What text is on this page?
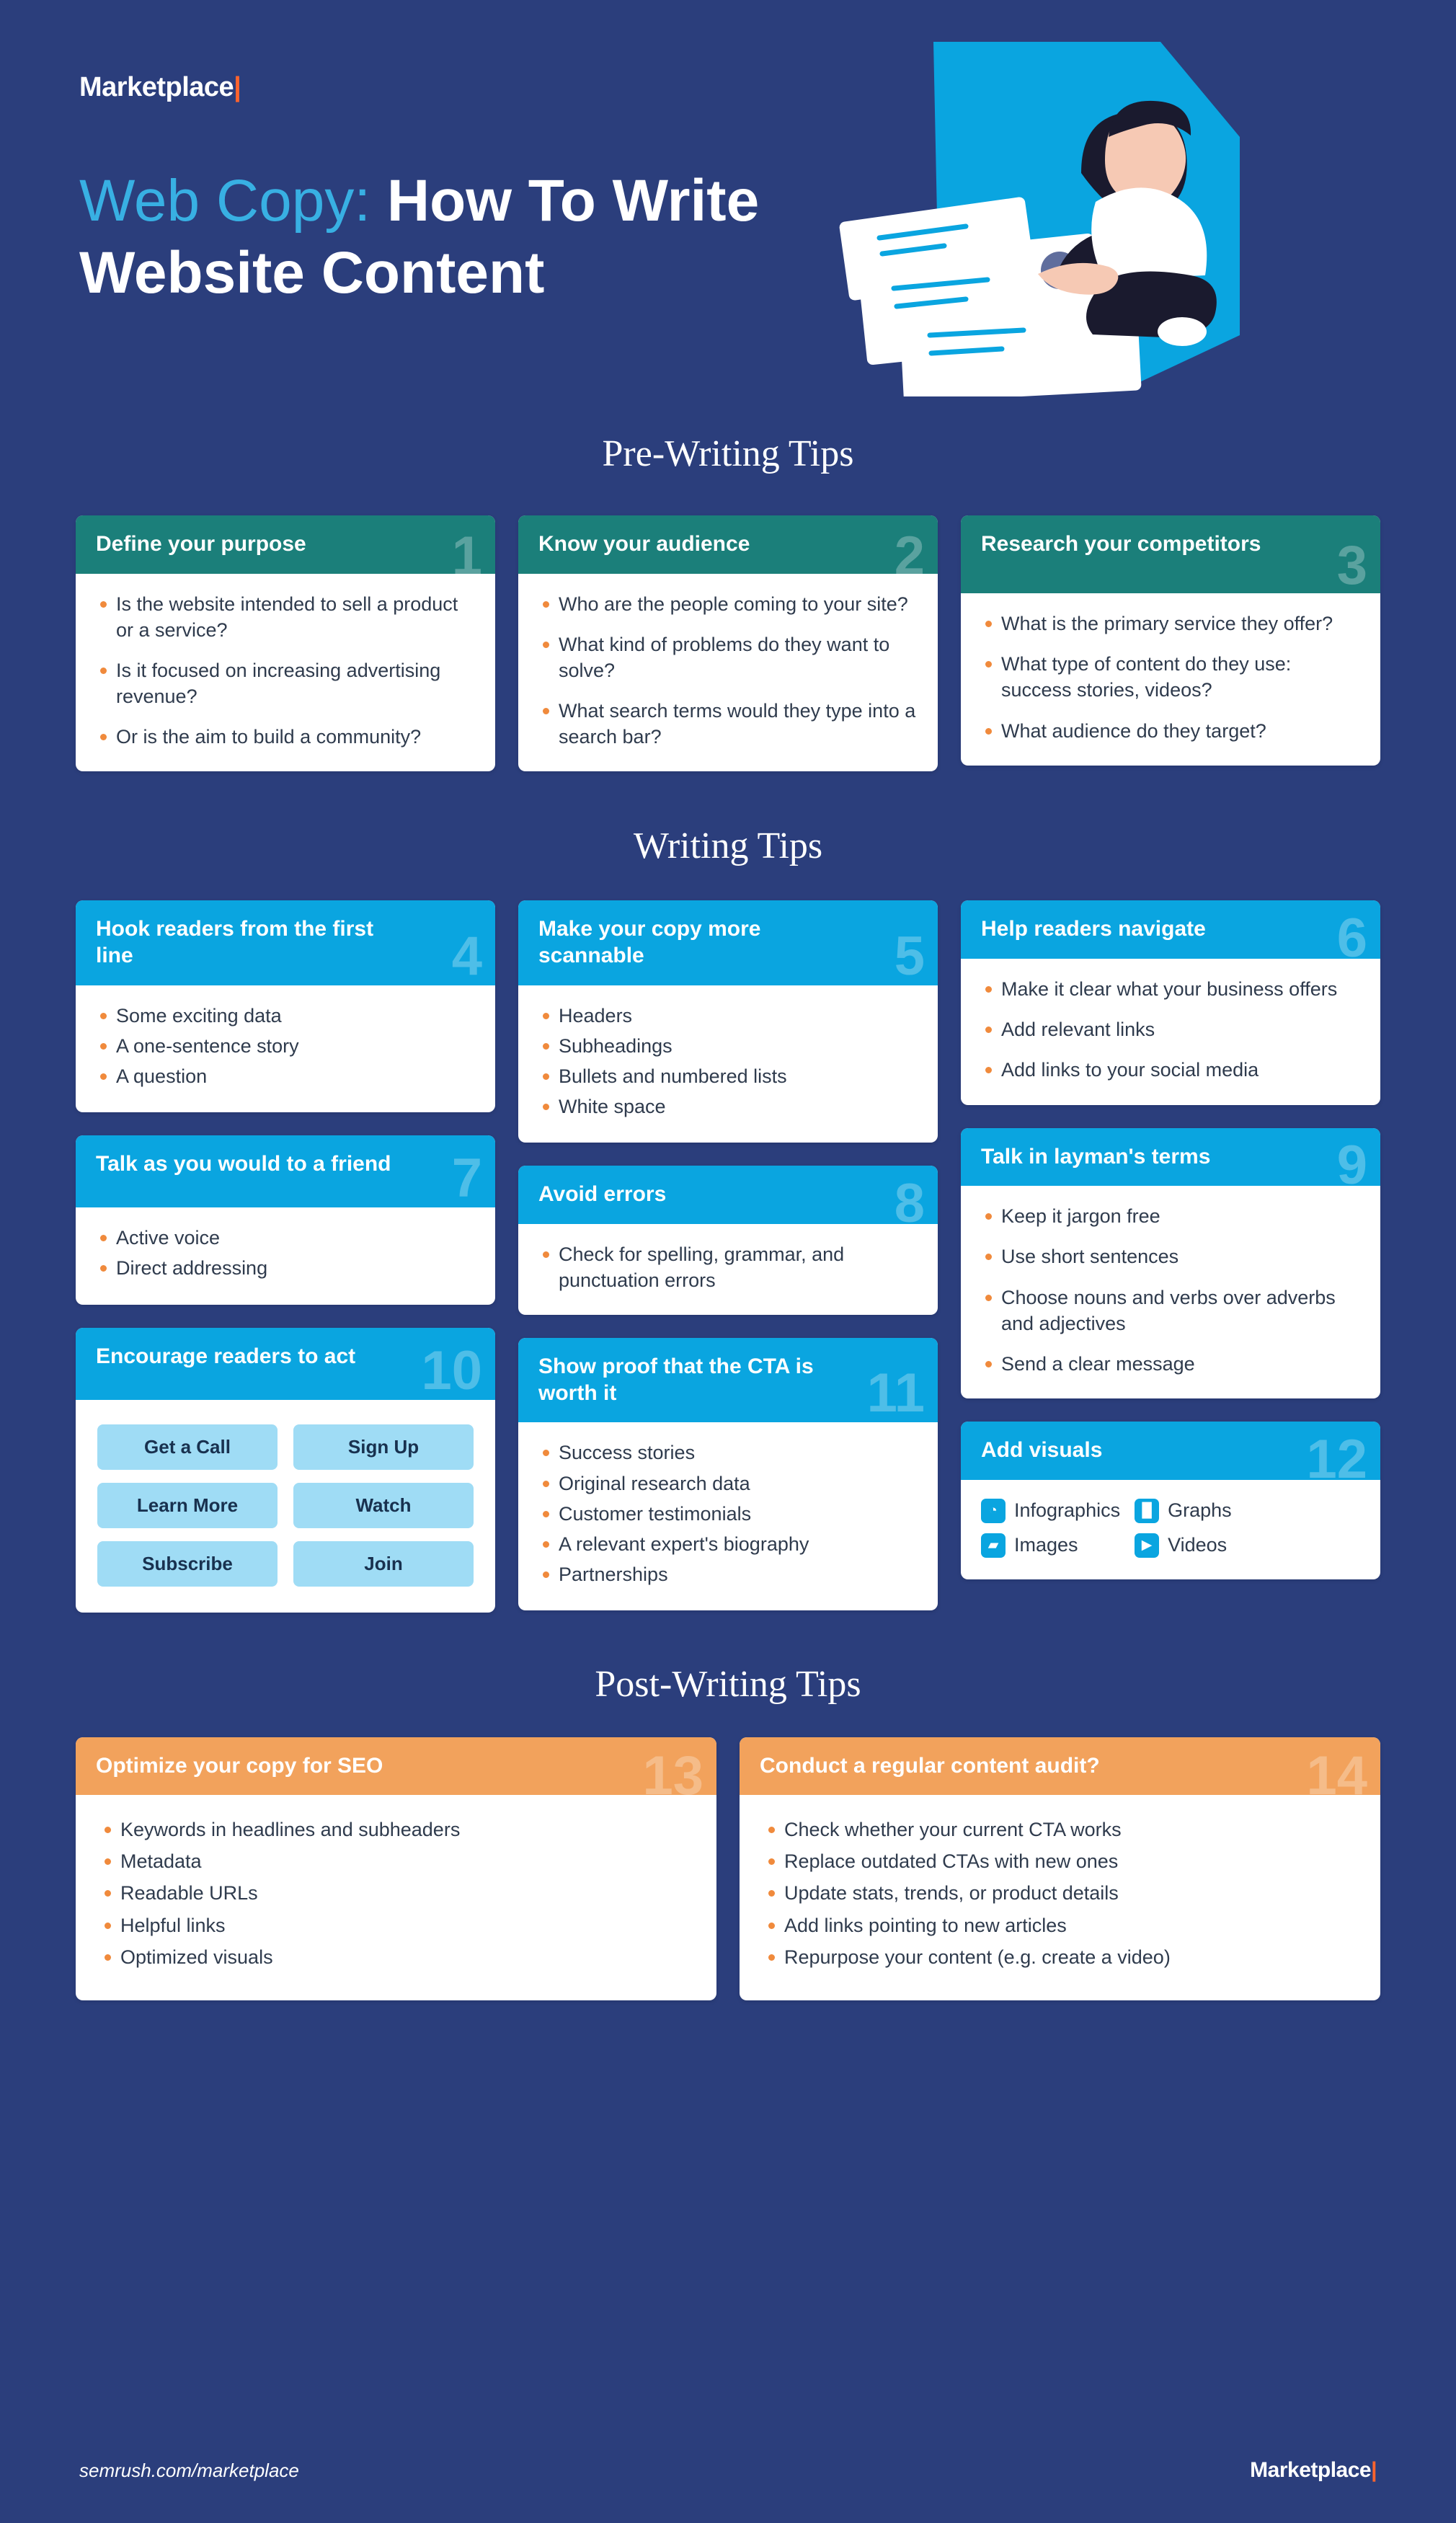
Marketplace|
Web Copy: How To Write Website Content
Pre-Writing Tips
Define your purpose	1
Is the website intended to sell a product or a service?
Is it focused on increasing advertising revenue?
Or is the aim to build a community?
Know your audience	2
Who are the people coming to your site?
What kind of problems do they want to solve?
What search terms would they type into a search bar?
Research your competitors 3
What is the primary service they offer?
What type of content do they use: success stories, videos?
What audience do they target?
Writing Tips
Hook readers from the first line	4
Some exciting data
A one-sentence story
A question
Talk as you would to a friend 7
Active voice
Direct addressing
Encourage readers to act 10
Get a Call	Sign Up
Learn More	Watch
Subscribe	Join
Make your copy more scannable	5
Headers
Subheadings
Bullets and numbered lists
White space
Avoid errors	8
Check for spelling, grammar, and punctuation errors
Show proof that the CTA is worth it	11
Success stories
Original research data
Customer testimonials
A relevant expert's biography
Partnerships
Help readers navigate 6
Make it clear what your business offers
Add relevant links
Add links to your social media
Talk in layman's terms 9
Keep it jargon free
Use short sentences
Choose nouns and verbs over adverbs and adjectives
Send a clear message
Add visuals	12
◔ Infographics	█ Graphs
▰ Images	▶ Videos
Post-Writing Tips
Optimize your copy for SEO	13
Keywords in headlines and subheaders
Metadata
Readable URLs
Helpful links
Optimized visuals
Conduct a regular content audit?	14
Check whether your current CTA works
Replace outdated CTAs with new ones
Update stats, trends, or product details
Add links pointing to new articles
Repurpose your content (e.g. create a video)
semrush.com/marketplace	Marketplace|
